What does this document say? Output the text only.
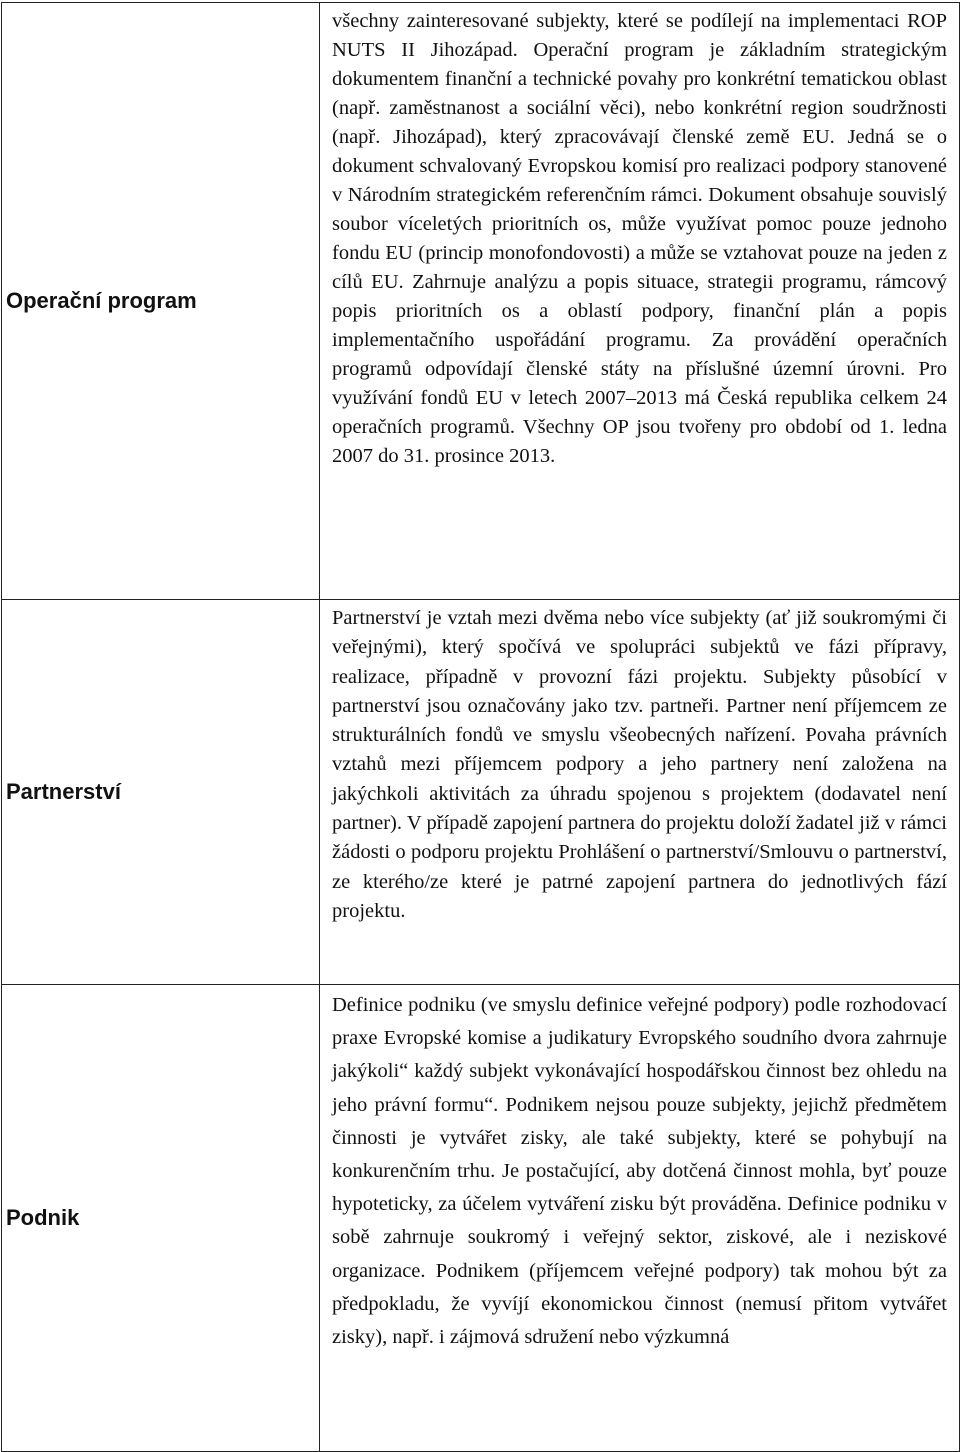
Operační program	všechny zainteresované subjekty, které se podílejí na implementaci ROP NUTS II Jihozápad. Operační program je základním strategickým dokumentem finanční a technické povahy pro konkrétní tematickou oblast (např. zaměstnanost a sociální věci), nebo konkrétní region soudržnosti (např. Jihozápad), který zpracovávají členské země EU. Jedná se o dokument schvalovaný Evropskou komisí pro realizaci podpory stanovené v Národním strategickém referenčním rámci. Dokument obsahuje souvislý soubor víceletých prioritních os, může využívat pomoc pouze jednoho fondu EU (princip monofondovosti) a může se vztahovat pouze na jeden z cílů EU. Zahrnuje analýzu a popis situace, strategii programu, rámcový popis prioritních os a oblastí podpory, finanční plán a popis implementačního uspořádání programu. Za provádění operačních programů odpovídají členské státy na příslušné územní úrovni. Pro využívání fondů EU v letech 2007–2013 má Česká republika celkem 24 operačních programů. Všechny OP jsou tvořeny pro období od 1. ledna 2007 do 31. prosince 2013.
Partnerství	Partnerství je vztah mezi dvěma nebo více subjekty (ať již soukromými či veřejnými), který spočívá ve spolupráci subjektů ve fázi přípravy, realizace, případně v provozní fázi projektu. Subjekty působící v partnerství jsou označovány jako tzv. partneři. Partner není příjemcem ze strukturálních fondů ve smyslu všeobecných nařízení. Povaha právních vztahů mezi příjemcem podpory a jeho partnery není založena na jakýchkoli aktivitách za úhradu spojenou s projektem (dodavatel není partner). V případě zapojení partnera do projektu doloží žadatel již v rámci žádosti o podporu projektu Prohlášení o partnerství/Smlouvu o partnerství, ze kterého/ze které je patrné zapojení partnera do jednotlivých fází projektu.
Podnik	Definice podniku (ve smyslu definice veřejné podpory) podle rozhodovací praxe Evropské komise a judikatury Evropského soudního dvora zahrnuje jakýkoli“ každý subjekt vykonávající hospodářskou činnost bez ohledu na jeho právní formu“. Podnikem nejsou pouze subjekty, jejichž předmětem činnosti je vytvářet zisky, ale také subjekty, které se pohybují na konkurenčním trhu. Je postačující, aby dotčená činnost mohla, byť pouze hypoteticky, za účelem vytváření zisku být prováděna. Definice podniku v sobě zahrnuje soukromý i veřejný sektor, ziskové, ale i neziskové organizace. Podnikem (příjemcem veřejné podpory) tak mohou být za předpokladu, že vyvíjí ekonomickou činnost (nemusí přitom vytvářet zisky), např. i zájmová sdružení nebo výzkumná
